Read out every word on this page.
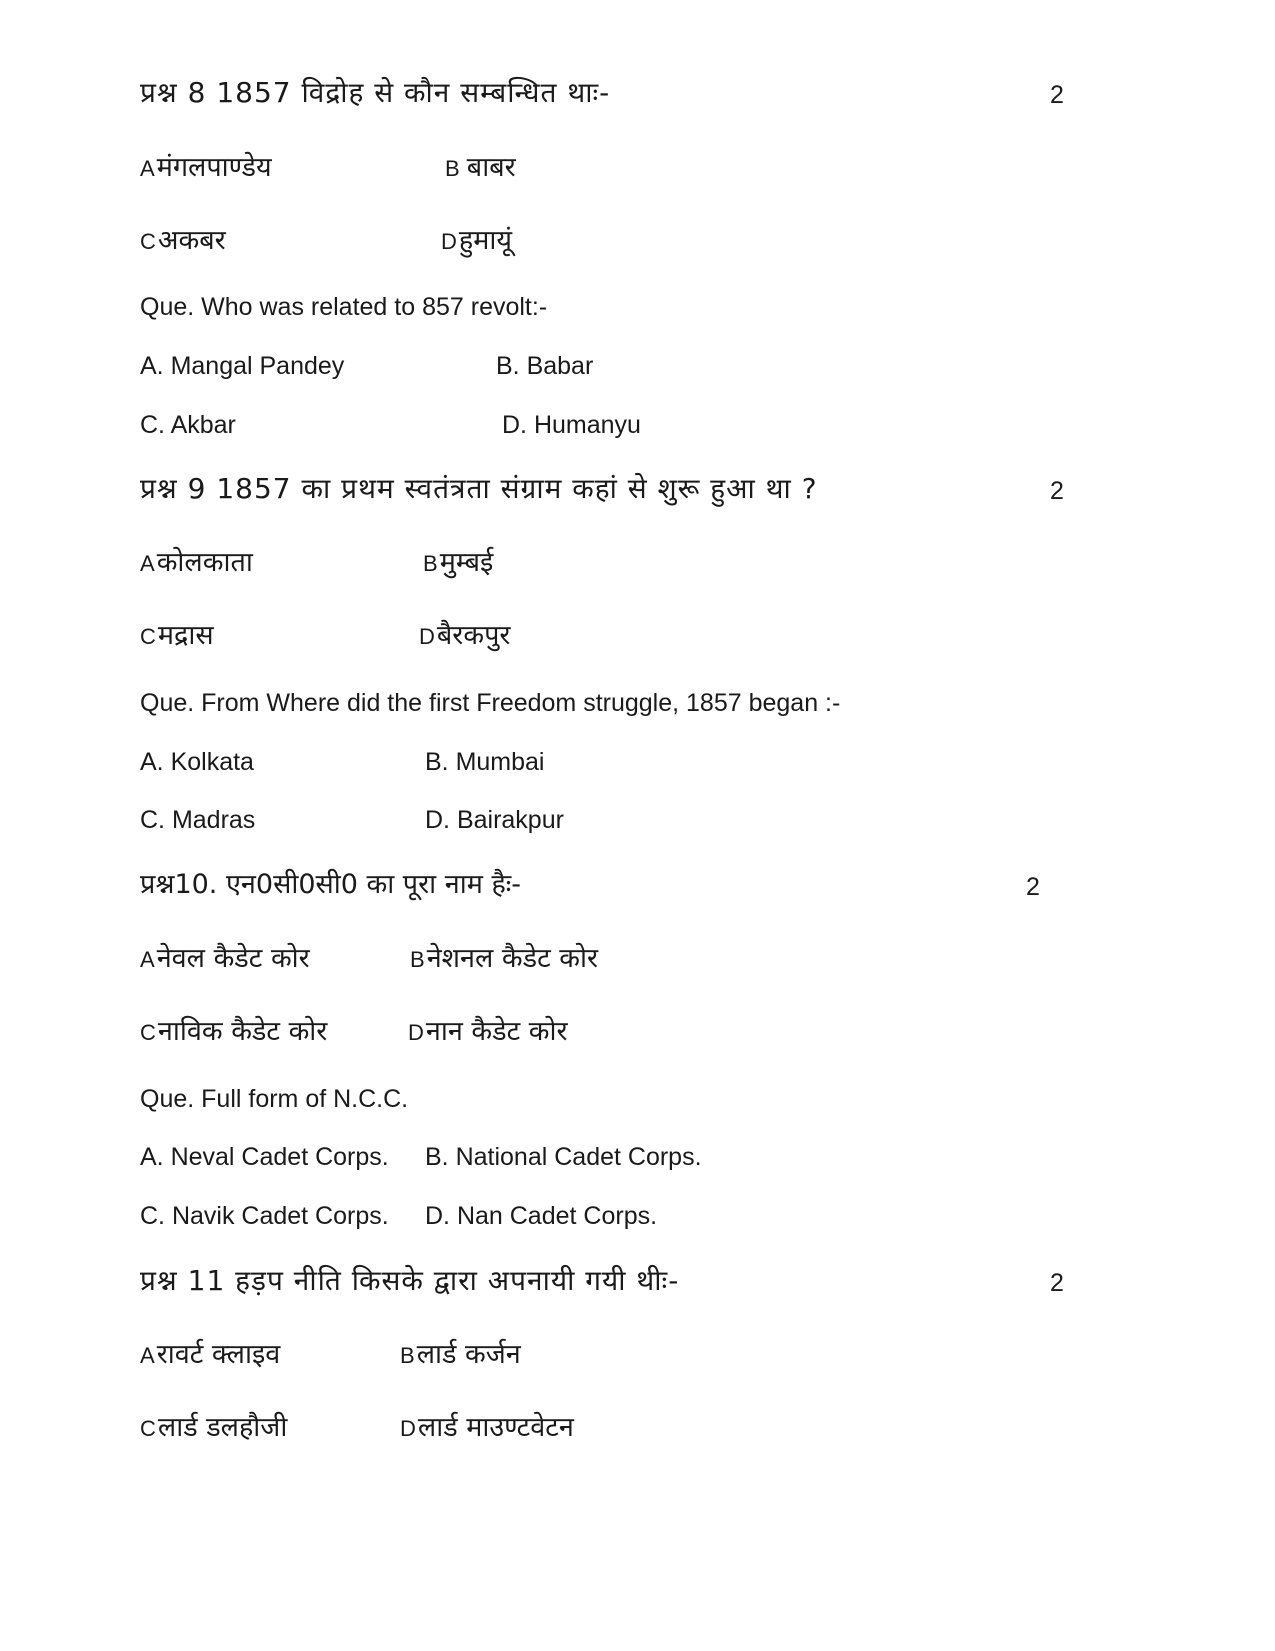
प्रश्न 8 1857 विद्रोह से कौन सम्बन्धित थाः-	2
Aमंगलपाण्डेय	B बाबर
Cअकबर	Dहुमायूं
Que. Who was related to 857 revolt:-
A. Mangal Pandey	B. Babar
C. Akbar	D. Humanyu
प्रश्न 9 1857 का प्रथम स्वतंत्रता संग्राम कहां से शुरू हुआ था ?	2
Aकोलकाता	Bमुम्बई
Cमद्रास	Dबैरकपुर
Que. From Where did the first Freedom struggle, 1857 began :-
A. Kolkata	B. Mumbai
C. Madras	D. Bairakpur
प्रश्न10. एन0सी0सी0 का पूरा नाम हैः-	2
Aनेवल कैडेट कोर	Bनेशनल कैडेट कोर
Cनाविक कैडेट कोर	Dनान कैडेट कोर
Que. Full form of N.C.C.
A. Neval Cadet Corps. B. National Cadet Corps.
C. Navik Cadet Corps. D. Nan Cadet Corps.
प्रश्न 11 हड़प नीति किसके द्वारा अपनायी गयी थीः-	2
Aरावर्ट क्लाइव	Bलार्ड कर्जन
Cलार्ड डलहौजी	Dलार्ड माउण्टवेटन
